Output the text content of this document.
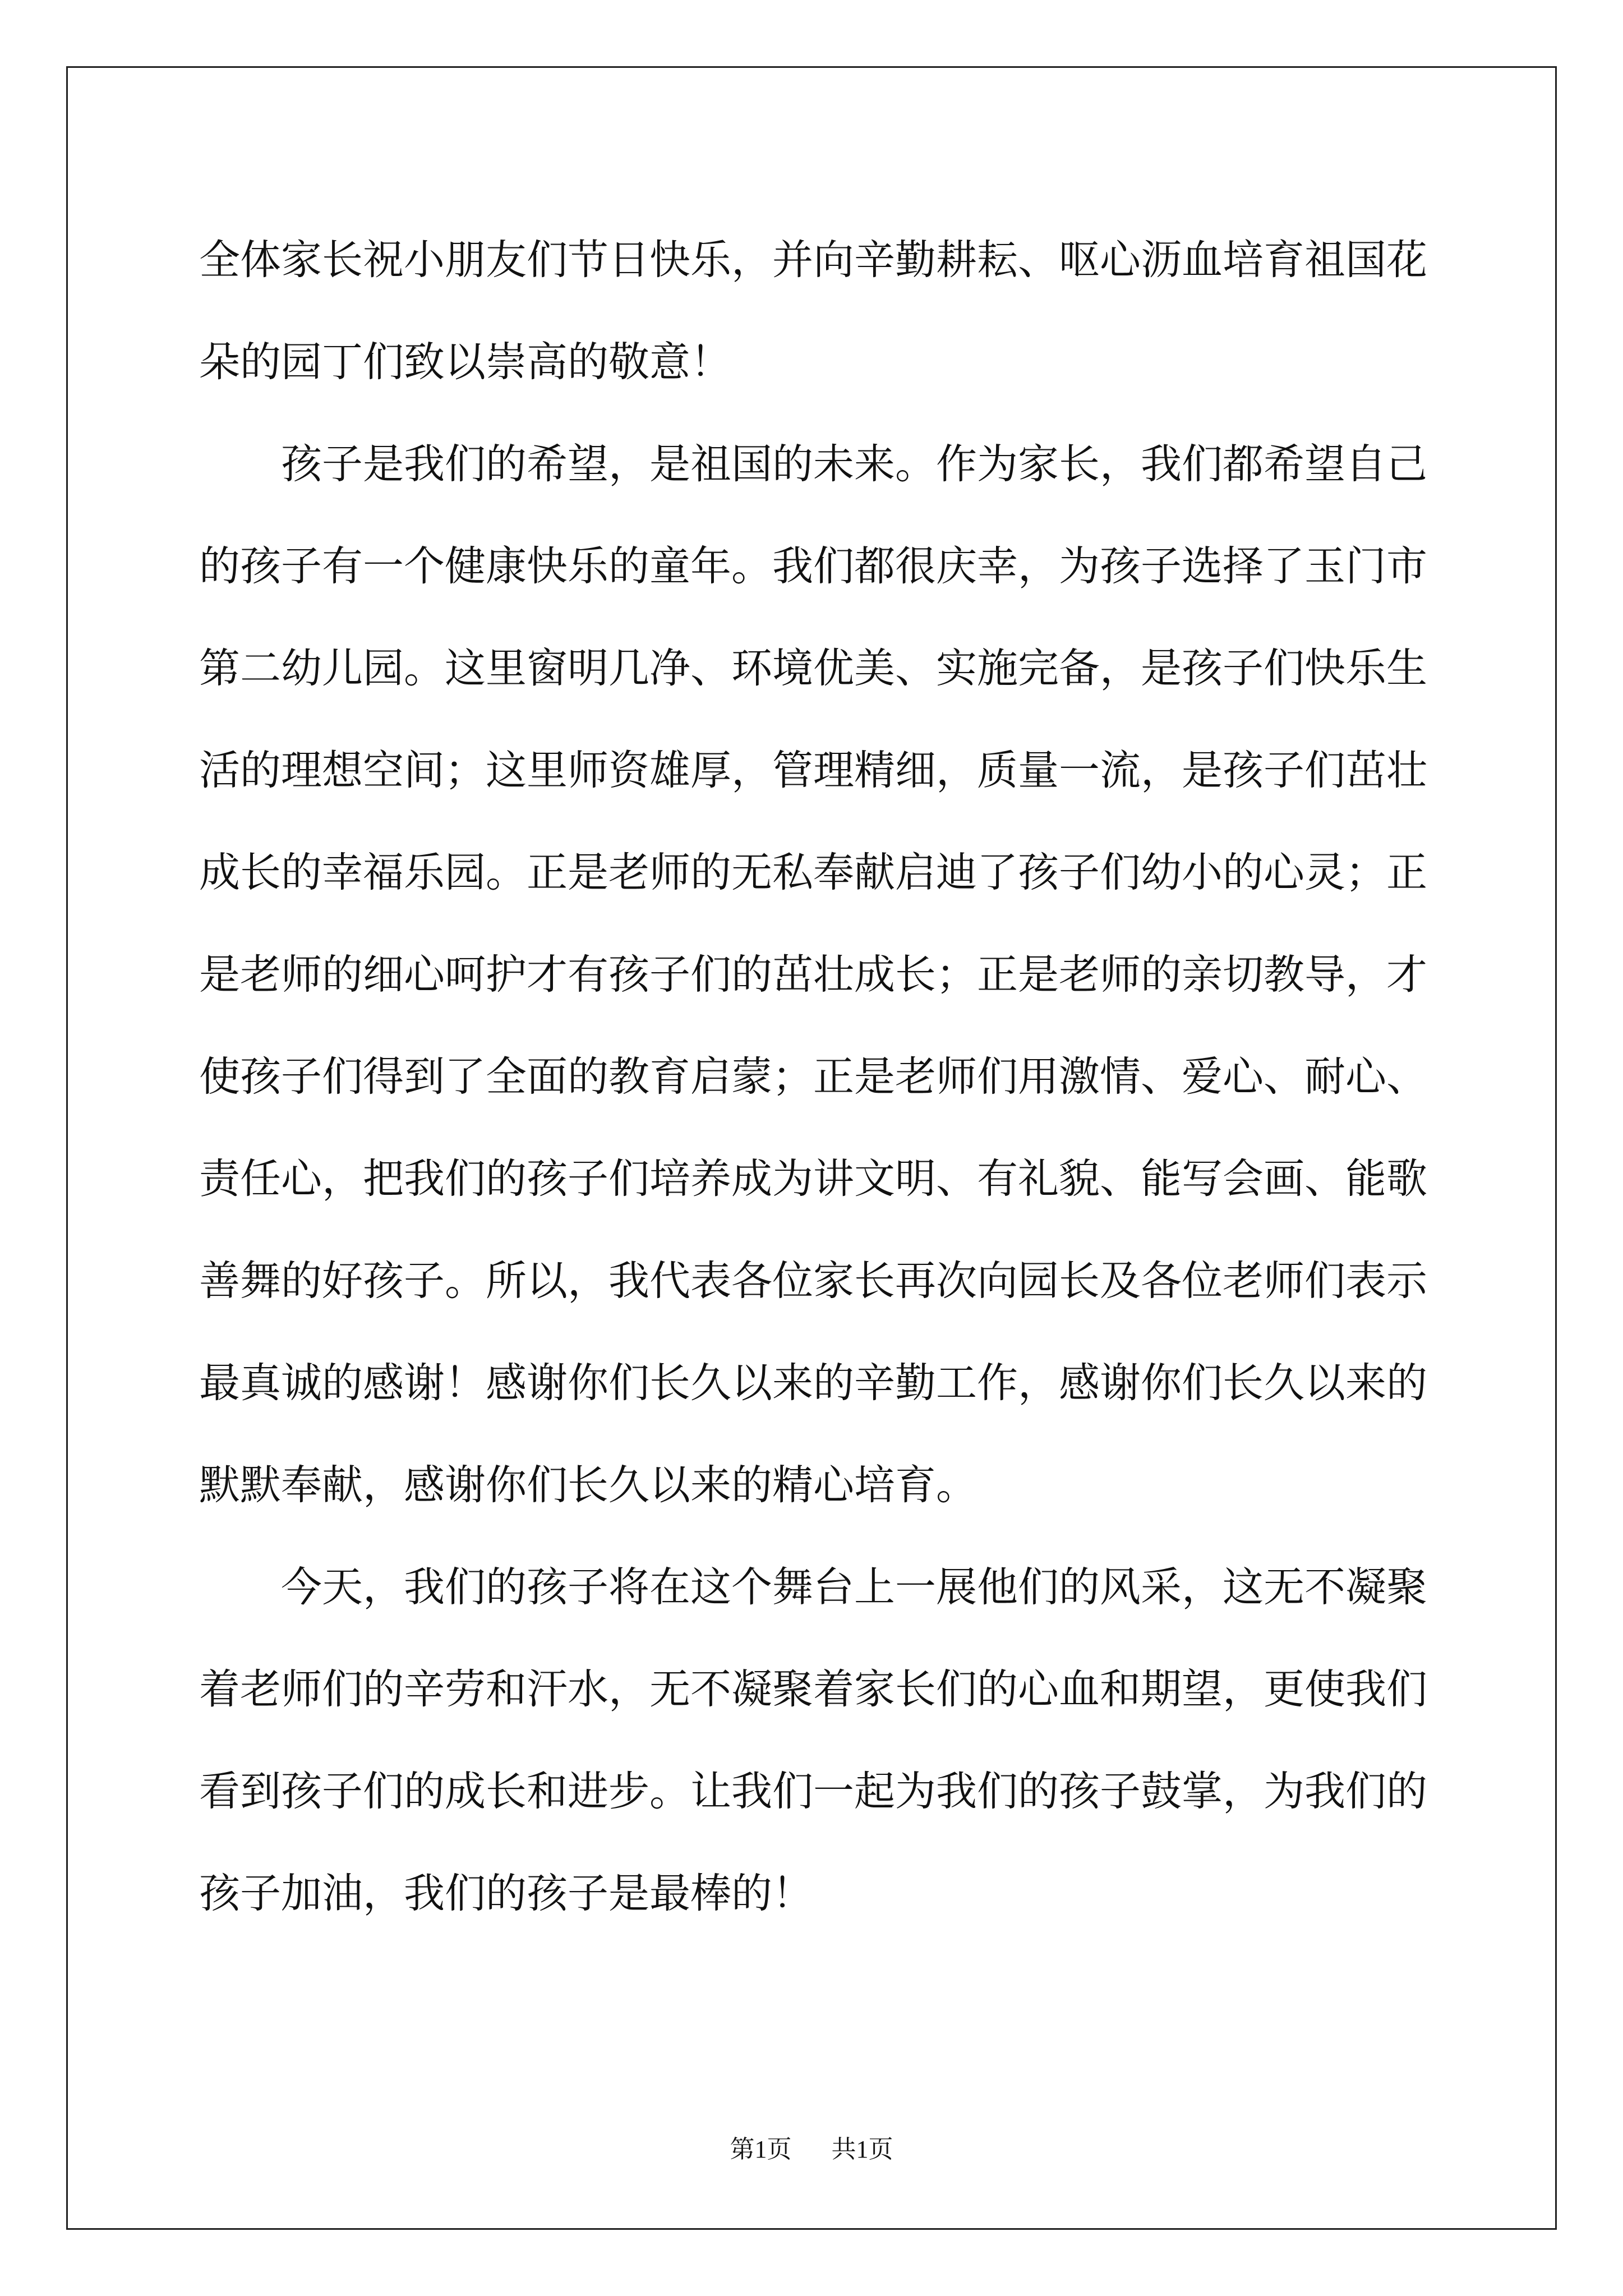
全体家长祝小朋友们节日快乐，并向辛勤耕耘、呕心沥血培育祖国花朵的园丁们致以崇高的敬意！

孩子是我们的希望，是祖国的未来。作为家长，我们都希望自己的孩子有一个健康快乐的童年。我们都很庆幸，为孩子选择了玉门市第二幼儿园。这里窗明几净、环境优美、实施完备，是孩子们快乐生活的理想空间；这里师资雄厚，管理精细，质量一流，是孩子们茁壮成长的幸福乐园。正是老师的无私奉献启迪了孩子们幼小的心灵；正是老师的细心呵护才有孩子们的茁壮成长；正是老师的亲切教导，才使孩子们得到了全面的教育启蒙；正是老师们用激情、爱心、耐心、责任心，把我们的孩子们培养成为讲文明、有礼貌、能写会画、能歌善舞的好孩子。所以，我代表各位家长再次向园长及各位老师们表示最真诚的感谢！感谢你们长久以来的辛勤工作，感谢你们长久以来的默默奉献，感谢你们长久以来的精心培育。

今天，我们的孩子将在这个舞台上一展他们的风采，这无不凝聚着老师们的辛劳和汗水，无不凝聚着家长们的心血和期望，更使我们看到孩子们的成长和进步。让我们一起为我们的孩子鼓掌，为我们的孩子加油，我们的孩子是最棒的！

第1页 共1页
